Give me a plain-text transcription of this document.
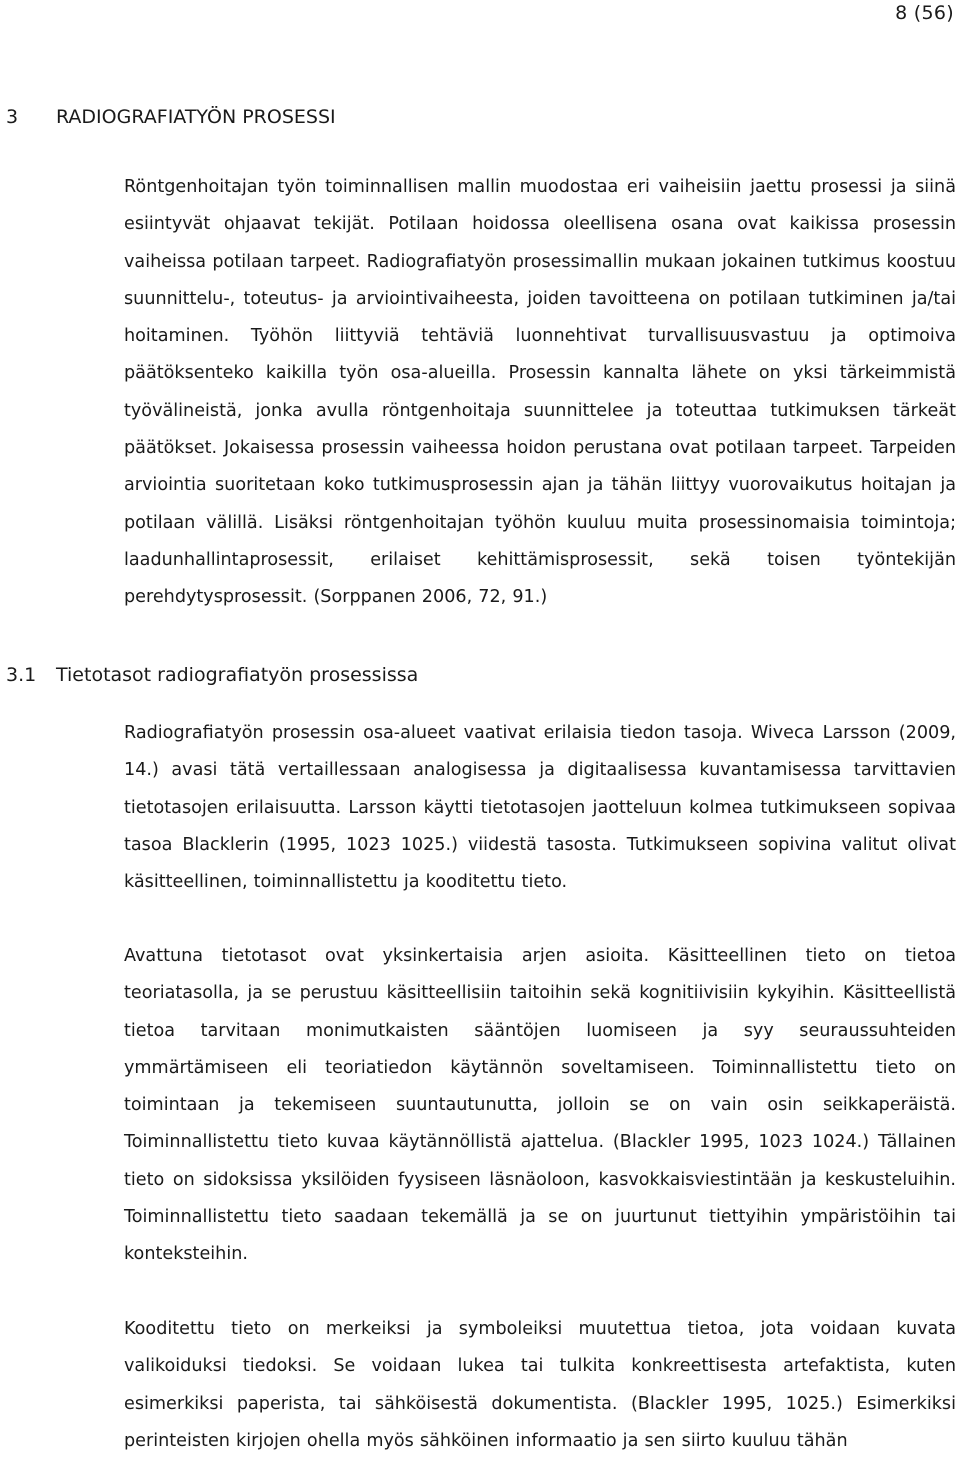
8 (56)
3 RADIOGRAFIATYÖN PROSESSI

Röntgenhoitajan työn toiminnallisen mallin muodostaa eri vaiheisiin jaettu prosessi ja siinä esiintyvät ohjaavat tekijät. Potilaan hoidossa oleellisena osana ovat kaikissa prosessin vaiheissa potilaan tarpeet. Radiografiatyön prosessimallin mukaan jokainen tutkimus koostuu suunnittelu-, toteutus- ja arviointivaiheesta, joiden tavoitteena on potilaan tutkiminen ja/tai hoitaminen. Työhön liittyviä tehtäviä luonnehtivat turvallisuusvastuu ja optimoiva päätöksenteko kaikilla työn osa-alueilla. Prosessin kannalta lähete on yksi tärkeimmistä työvälineistä, jonka avulla röntgenhoitaja suunnittelee ja toteuttaa tutkimuksen tärkeät päätökset. Jokaisessa prosessin vaiheessa hoidon perustana ovat potilaan tarpeet. Tarpeiden arviointia suoritetaan koko tutkimusprosessin ajan ja tähän liittyy vuorovaikutus hoitajan ja potilaan välillä. Lisäksi röntgenhoitajan työhön kuuluu muita prosessinomaisia toimintoja; laadunhallintaprosessit, erilaiset kehittämisprosessit, sekä toisen työntekijän perehdytysprosessit. (Sorppanen 2006, 72, 91.)

3.1 Tietotasot radiografiatyön prosessissa

Radiografiatyön prosessin osa-alueet vaativat erilaisia tiedon tasoja. Wiveca Larsson (2009, 14.) avasi tätä vertaillessaan analogisessa ja digitaalisessa kuvantamisessa tarvittavien tietotasojen erilaisuutta. Larsson käytti tietotasojen jaotteluun kolmea tutkimukseen sopivaa tasoa Blacklerin (1995, 1023 1025.) viidestä tasosta. Tutkimukseen sopivina valitut olivat käsitteellinen, toiminnallistettu ja kooditettu tieto.

Avattuna tietotasot ovat yksinkertaisia arjen asioita. Käsitteellinen tieto on tietoa teoriatasolla, ja se perustuu käsitteellisiin taitoihin sekä kognitiivisiin kykyihin. Käsitteellistä tietoa tarvitaan monimutkaisten sääntöjen luomiseen ja syy seuraussuhteiden ymmärtämiseen eli teoriatiedon käytännön soveltamiseen. Toiminnallistettu tieto on toimintaan ja tekemiseen suuntautunutta, jolloin se on vain osin seikkaperäistä. Toiminnallistettu tieto kuvaa käytännöllistä ajattelua. (Blackler 1995, 1023 1024.) Tällainen tieto on sidoksissa yksilöiden fyysiseen läsnäoloon, kasvokkaisviestintään ja keskusteluihin. Toiminnallistettu tieto saadaan tekemällä ja se on juurtunut tiettyihin ympäristöihin tai konteksteihin.

Kooditettu tieto on merkeiksi ja symboleiksi muutettua tietoa, jota voidaan kuvata valikoiduksi tiedoksi. Se voidaan lukea tai tulkita konkreettisesta artefaktista, kuten esimerkiksi paperista, tai sähköisestä dokumentista. (Blackler 1995, 1025.) Esimerkiksi perinteisten kirjojen ohella myös sähköinen informaatio ja sen siirto kuuluu tähän
